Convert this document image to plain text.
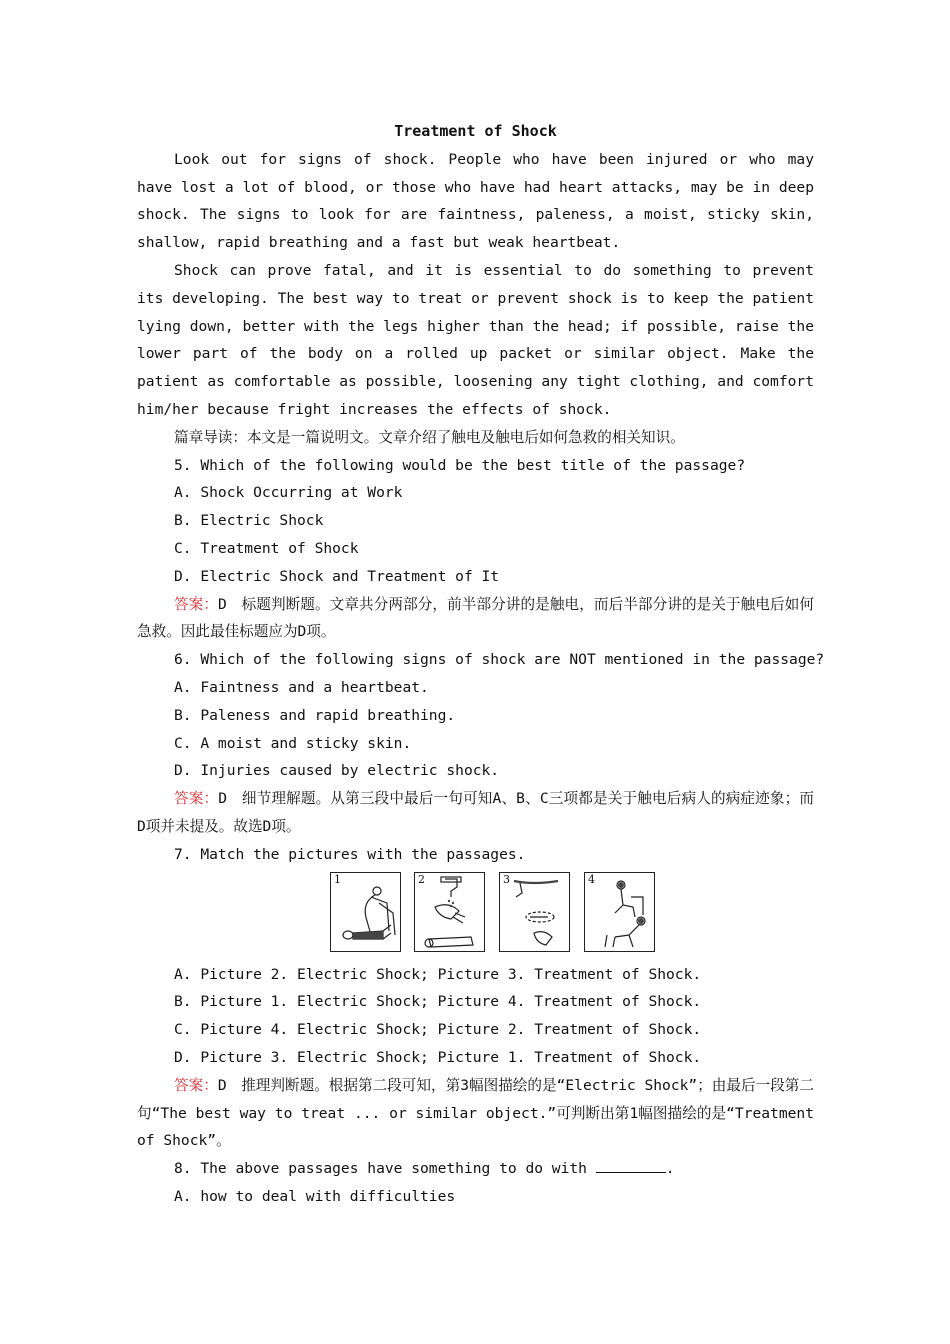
Treatment of Shock

Look out for signs of shock. People who have been injured or who may have lost a lot of blood, or those who have had heart attacks, may be in deep shock. The signs to look for are faintness, paleness, a moist, sticky skin, shallow, rapid breathing and a fast but weak heartbeat.

Shock can prove fatal, and it is essential to do something to prevent its developing. The best way to treat or prevent shock is to keep the patient lying down, better with the legs higher than the head; if possible, raise the lower part of the body on a rolled up packet or similar object. Make the patient as comfortable as possible, loosening any tight clothing, and comfort him/her because fright increases the effects of shock.

篇章导读：本文是一篇说明文。文章介绍了触电及触电后如何急救的相关知识。

5. Which of the following would be the best title of the passage?

A. Shock Occurring at Work

B. Electric Shock

C. Treatment of Shock

D. Electric Shock and Treatment of It

答案：D　标题判断题。文章共分两部分，前半部分讲的是触电，而后半部分讲的是关于触电后如何急救。因此最佳标题应为D项。

6. Which of the following signs of shock are NOT mentioned in the passage?

A. Faintness and a heartbeat.

B. Paleness and rapid breathing.

C. A moist and sticky skin.

D. Injuries caused by electric shock.

答案：D　细节理解题。从第三段中最后一句可知A、B、C三项都是关于触电后病人的病症迹象；而D项并未提及。故选D项。

7. Match the pictures with the passages.

1	2	3	4

A. Picture 2. Electric Shock; Picture 3. Treatment of Shock.

B. Picture 1. Electric Shock; Picture 4. Treatment of Shock.

C. Picture 4. Electric Shock; Picture 2. Treatment of Shock.

D. Picture 3. Electric Shock; Picture 1. Treatment of Shock.

答案：D　推理判断题。根据第二段可知，第3幅图描绘的是“Electric Shock”；由最后一段第二句“The best way to treat ... or similar object.”可判断出第1幅图描绘的是“Treatment of Shock”。

8. The above passages have something to do with	.

A. how to deal with difficulties
